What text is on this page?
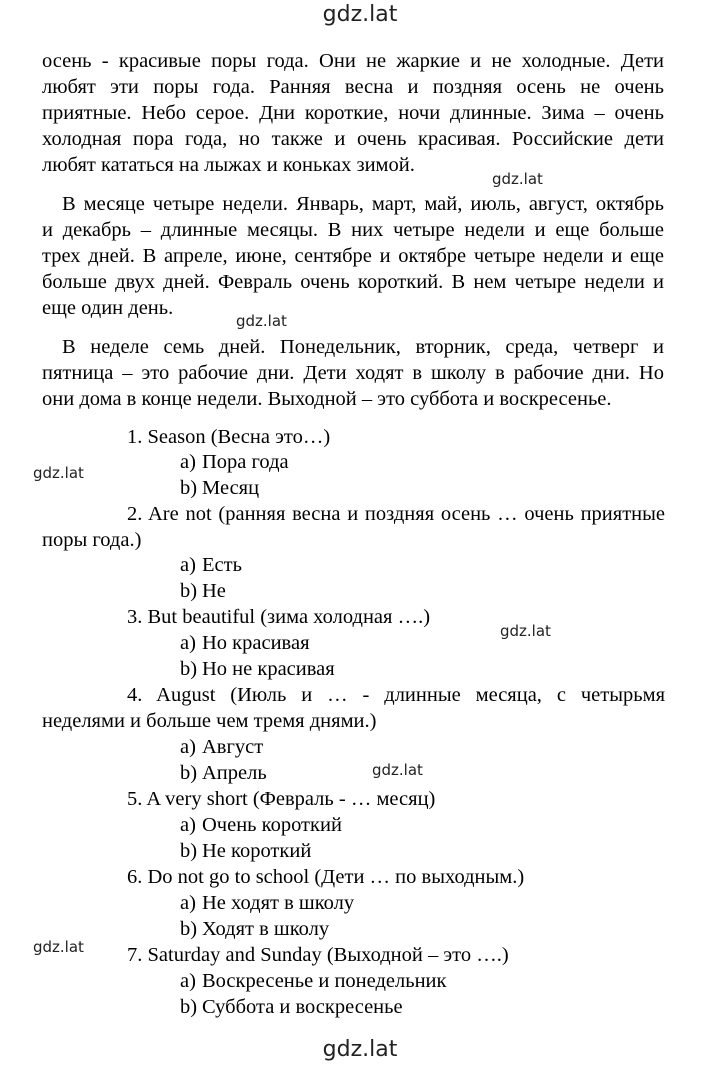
gdz.lat
gdz.lat
gdz.lat
gdz.lat
gdz.lat
gdz.lat
gdz.lat
gdz.lat
осень - красивые поры года. Они не жаркие и не холодные. Дети
любят эти поры года. Ранняя весна и поздняя осень не очень
приятные. Небо серое. Дни короткие, ночи длинные. Зима – очень
холодная пора года, но также и очень красивая. Российские дети
любят кататься на лыжах и коньках зимой.
В месяце четыре недели. Январь, март, май, июль, август, октябрь
и декабрь – длинные месяцы. В них четыре недели и еще больше
трех дней. В апреле, июне, сентябре и октябре четыре недели и еще
больше двух дней. Февраль очень короткий. В нем четыре недели и
еще один день.
В неделе семь дней. Понедельник, вторник, среда, четверг и
пятница – это рабочие дни. Дети ходят в школу в рабочие дни. Но
они дома в конце недели. Выходной – это суббота и воскресенье.
1. Season (Весна это…)
a) Пора года
b) Месяц
2. Are not (ранняя весна и поздняя осень … очень приятные
поры года.)
a) Есть
b) Не
3. But beautiful (зима холодная ….)
a) Но красивая
b) Но не красивая
4. August (Июль и … - длинные месяца, с четырьмя
неделями и больше чем тремя днями.)
a) Август
b) Апрель
5. A very short (Февраль - … месяц)
a) Очень короткий
b) Не короткий
6. Do not go to school (Дети … по выходным.)
a) Не ходят в школу
b) Ходят в школу
7. Saturday and Sunday (Выходной – это ….)
a) Воскресенье и понедельник
b) Суббота и воскресенье
